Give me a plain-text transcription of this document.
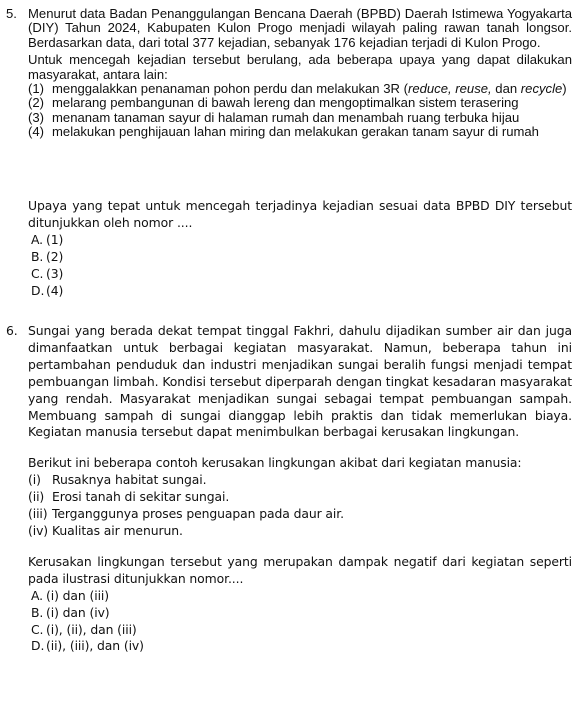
5. Menurut data Badan Penanggulangan Bencana Daerah (BPBD) Daerah Istimewa Yogyakarta (DIY) Tahun 2024, Kabupaten Kulon Progo menjadi wilayah paling rawan tanah longsor. Berdasarkan data, dari total 377 kejadian, sebanyak 176 kejadian terjadi di Kulon Progo.

Untuk mencegah kejadian tersebut berulang, ada beberapa upaya yang dapat dilakukan masyarakat, antara lain:

(1) menggalakkan penanaman pohon perdu dan melakukan 3R (reduce, reuse, dan recycle)
(2) melarang pembangunan di bawah lereng dan mengoptimalkan sistem terasering
(3) menanam tanaman sayur di halaman rumah dan menambah ruang terbuka hijau
(4) melakukan penghijauan lahan miring dan melakukan gerakan tanam sayur di rumah

Upaya yang tepat untuk mencegah terjadinya kejadian sesuai data BPBD DIY tersebut ditunjukkan oleh nomor ....

A. (1)
B. (2)
C. (3)
D. (4)
6. Sungai yang berada dekat tempat tinggal Fakhri, dahulu dijadikan sumber air dan juga dimanfaatkan untuk berbagai kegiatan masyarakat. Namun, beberapa tahun ini pertambahan penduduk dan industri menjadikan sungai beralih fungsi menjadi tempat pembuangan limbah. Kondisi tersebut diperparah dengan tingkat kesadaran masyarakat yang rendah. Masyarakat menjadikan sungai sebagai tempat pembuangan sampah. Membuang sampah di sungai dianggap lebih praktis dan tidak memerlukan biaya. Kegiatan manusia tersebut dapat menimbulkan berbagai kerusakan lingkungan.

Berikut ini beberapa contoh kerusakan lingkungan akibat dari kegiatan manusia:

(i) Rusaknya habitat sungai.
(ii) Erosi tanah di sekitar sungai.
(iii) Terganggunya proses penguapan pada daur air.
(iv) Kualitas air menurun.

Kerusakan lingkungan tersebut yang merupakan dampak negatif dari kegiatan seperti pada ilustrasi ditunjukkan nomor....

A. (i) dan (iii)
B. (i) dan (iv)
C. (i), (ii), dan (iii)
D. (ii), (iii), dan (iv)
